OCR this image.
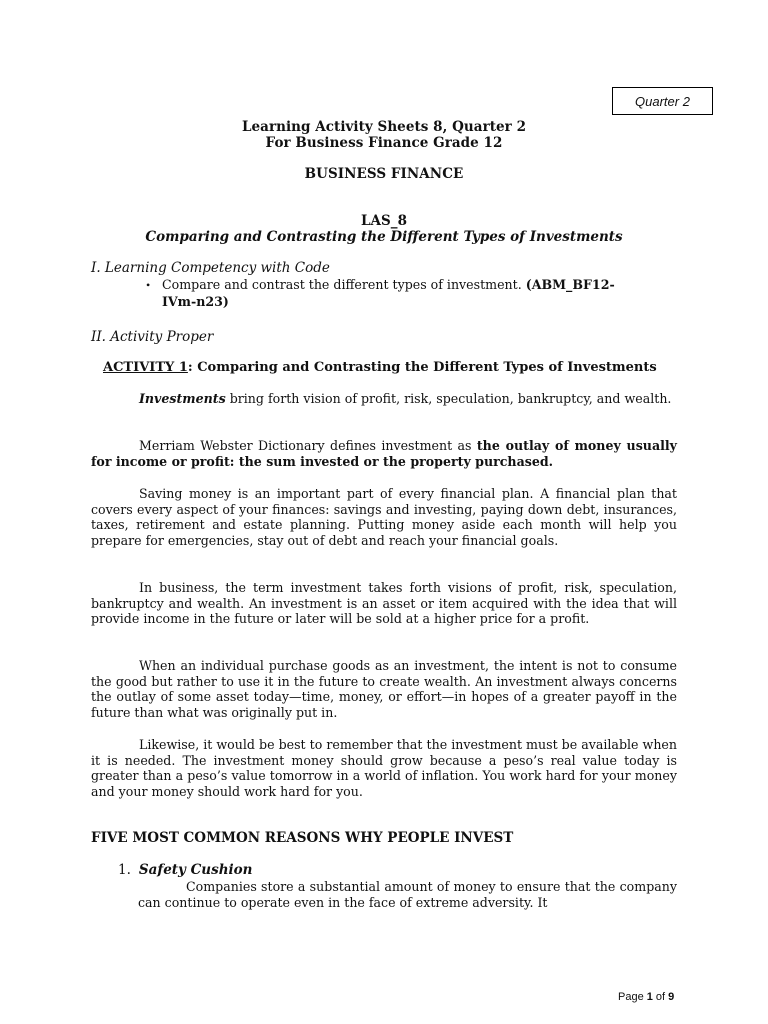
Quarter 2
Learning Activity Sheets 8, Quarter 2
For Business Finance Grade 12
BUSINESS FINANCE
LAS_8
Comparing and Contrasting the Different Types of Investments
I. Learning Competency with Code
• Compare and contrast the different types of investment. (ABM_BF12-
IVm-n23)
II. Activity Proper
ACTIVITY 1: Comparing and Contrasting the Different Types of Investments

Investments bring forth vision of profit, risk, speculation, bankruptcy, and wealth.

Merriam Webster Dictionary defines investment as the outlay of money usually for income or profit: the sum invested or the property purchased.

Saving money is an important part of every financial plan. A financial plan that covers every aspect of your finances: savings and investing, paying down debt, insurances, taxes, retirement and estate planning. Putting money aside each month will help you prepare for emergencies, stay out of debt and reach your financial goals.

In business, the term investment takes forth visions of profit, risk, speculation, bankruptcy and wealth. An investment is an asset or item acquired with the idea that will provide income in the future or later will be sold at a higher price for a profit.

When an individual purchase goods as an investment, the intent is not to consume the good but rather to use it in the future to create wealth. An investment always concerns the outlay of some asset today—time, money, or effort—in hopes of a greater payoff in the future than what was originally put in.

Likewise, it would be best to remember that the investment must be available when it is needed. The investment money should grow because a peso’s real value today is greater than a peso’s value tomorrow in a world of inflation. You work hard for your money and your money should work hard for you.

FIVE MOST COMMON REASONS WHY PEOPLE INVEST
1. Safety Cushion

Companies store a substantial amount of money to ensure that the company can continue to operate even in the face of extreme adversity. It

Page 1 of 9
